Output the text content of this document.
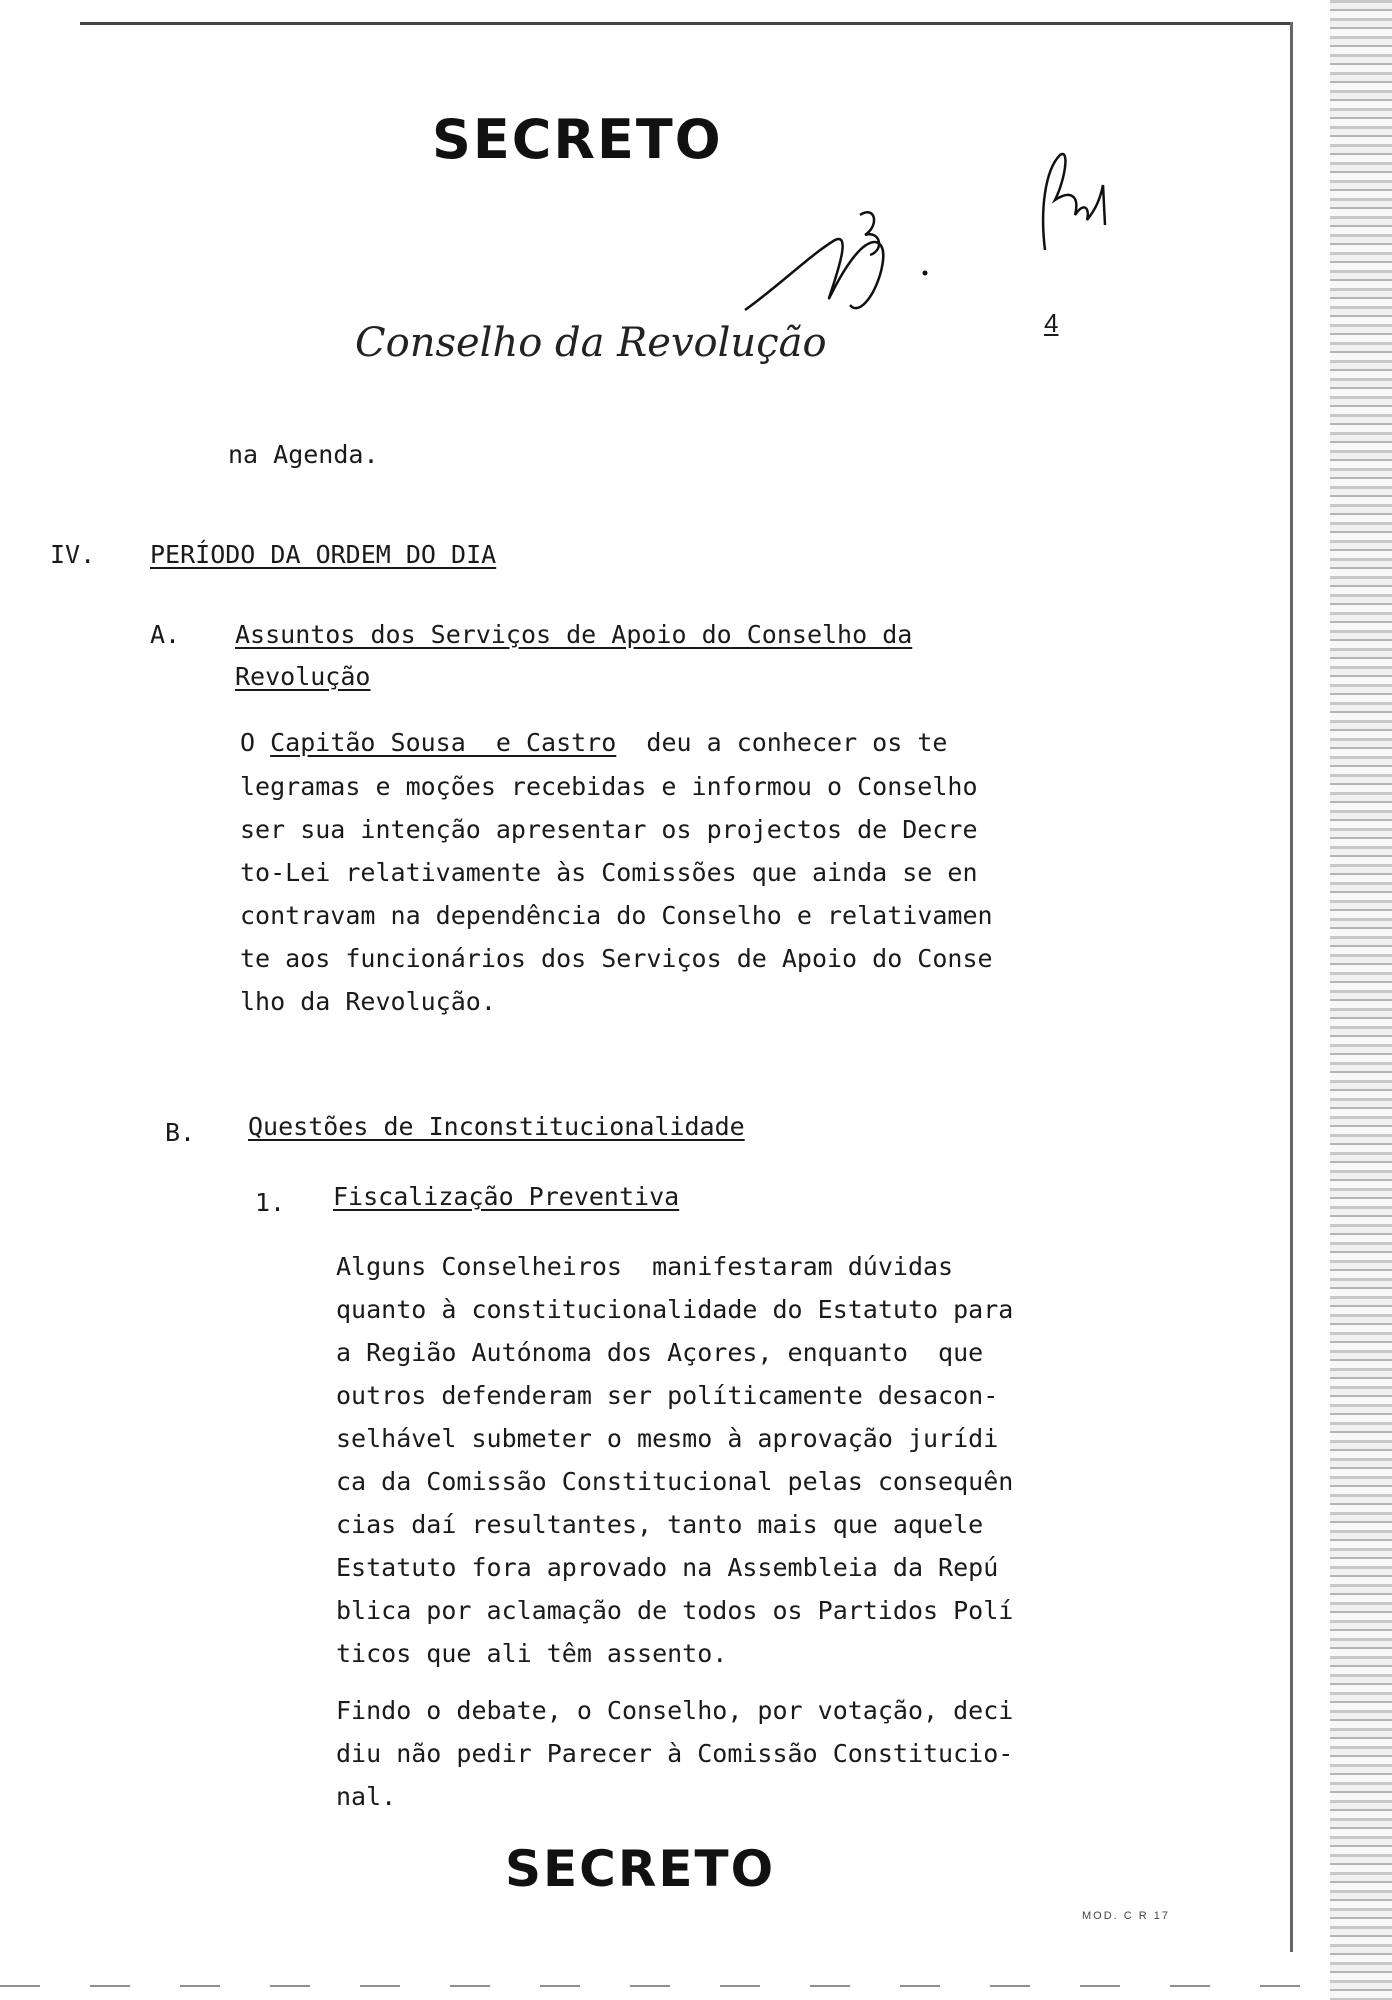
SECRETO
Conselho da Revolução	4
na Agenda.
IV. PERÍODO DA ORDEM DO DIA
A. Assuntos dos Serviços de Apoio do Conselho da
Revolução
O Capitão Sousa  e Castro  deu a conhecer os te
legramas e moções recebidas e informou o Conselho
ser sua intenção apresentar os projectos de Decre
to-Lei relativamente às Comissões que ainda se en
contravam na dependência do Conselho e relativamen
te aos funcionários dos Serviços de Apoio do Conse
lho da Revolução.
B. Questões de Inconstitucionalidade
1. Fiscalização Preventiva
Alguns Conselheiros  manifestaram dúvidas
quanto à constitucionalidade do Estatuto para
a Região Autónoma dos Açores, enquanto  que
outros defenderam ser políticamente desacon-
selhável submeter o mesmo à aprovação jurídi
ca da Comissão Constitucional pelas consequên
cias daí resultantes, tanto mais que aquele
Estatuto fora aprovado na Assembleia da Repú
blica por aclamação de todos os Partidos Polí
ticos que ali têm assento.
Findo o debate, o Conselho, por votação, deci
diu não pedir Parecer à Comissão Constitucio-
nal.
SECRETO
MOD. C R 17
